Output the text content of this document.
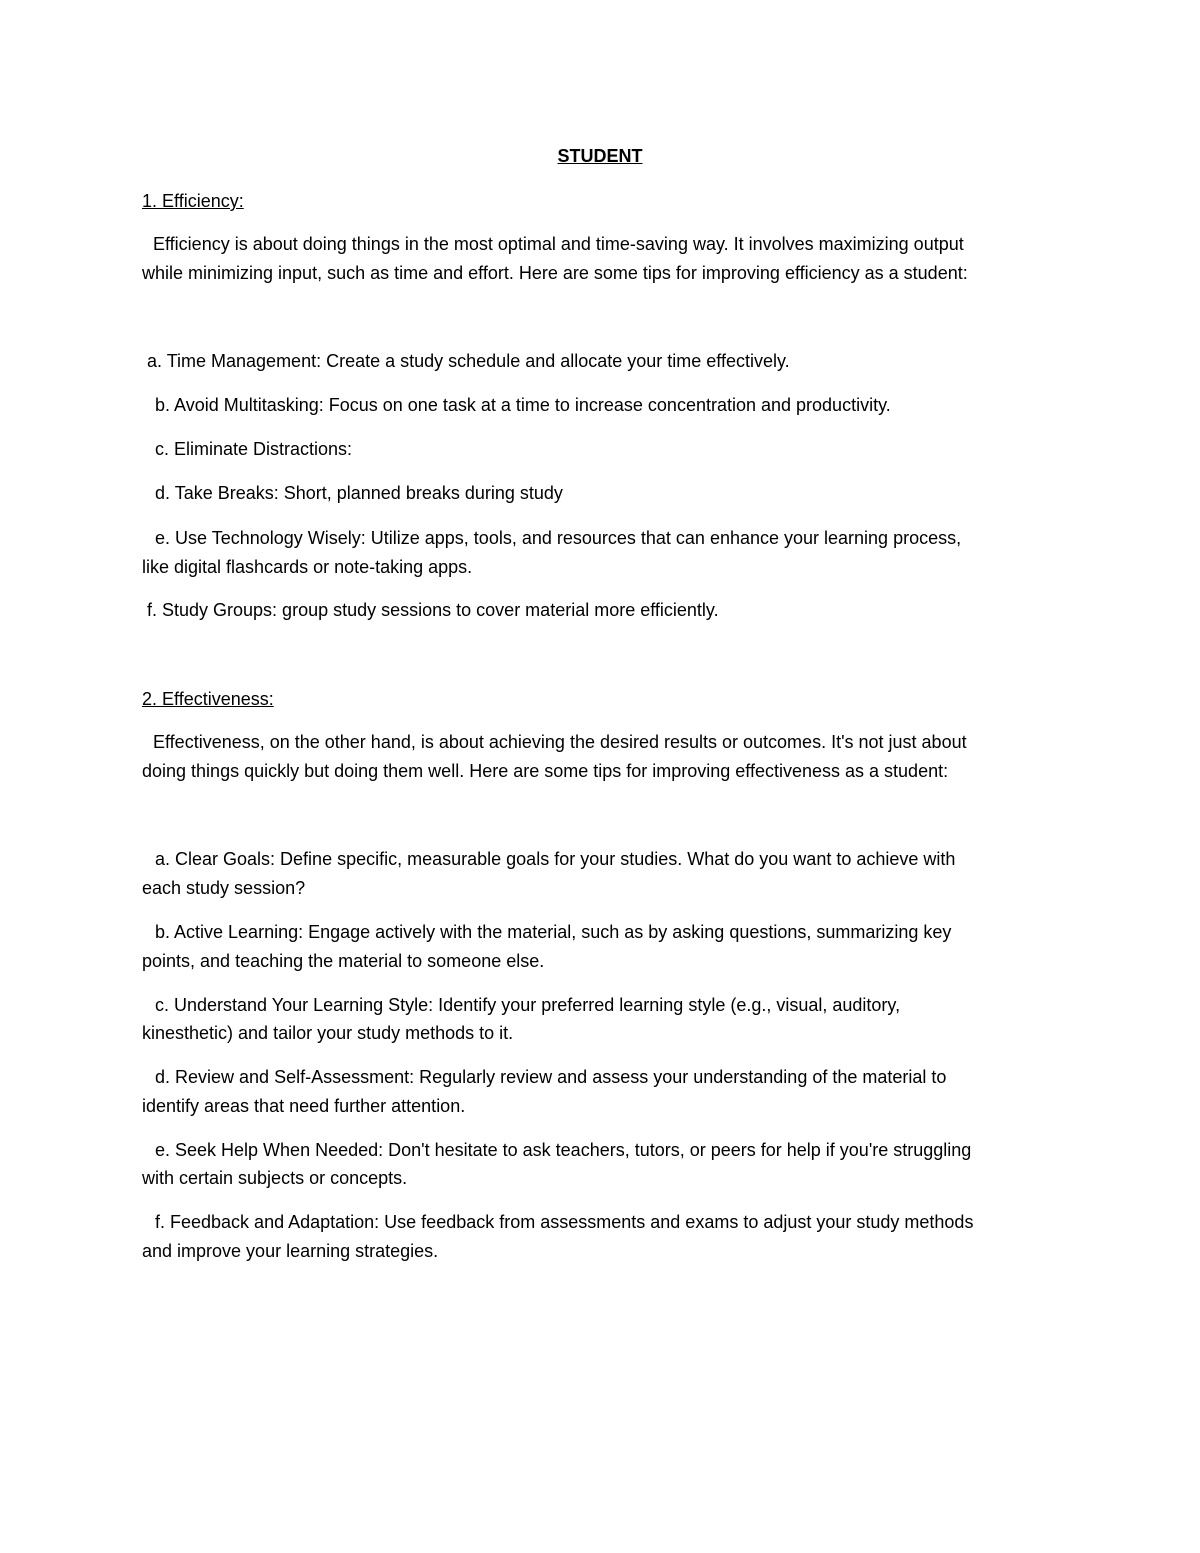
STUDENT
1. Efficiency:
Efficiency is about doing things in the most optimal and time-saving way. It involves maximizing output
while minimizing input, such as time and effort. Here are some tips for improving efficiency as a student:
a. Time Management: Create a study schedule and allocate your time effectively.
b. Avoid Multitasking: Focus on one task at a time to increase concentration and productivity.
c. Eliminate Distractions:
d. Take Breaks: Short, planned breaks during study
e. Use Technology Wisely: Utilize apps, tools, and resources that can enhance your learning process,
like digital flashcards or note-taking apps.
f. Study Groups: group study sessions to cover material more efficiently.
2. Effectiveness:
Effectiveness, on the other hand, is about achieving the desired results or outcomes. It's not just about
doing things quickly but doing them well. Here are some tips for improving effectiveness as a student:
a. Clear Goals: Define specific, measurable goals for your studies. What do you want to achieve with
each study session?
b. Active Learning: Engage actively with the material, such as by asking questions, summarizing key
points, and teaching the material to someone else.
c. Understand Your Learning Style: Identify your preferred learning style (e.g., visual, auditory,
kinesthetic) and tailor your study methods to it.
d. Review and Self-Assessment: Regularly review and assess your understanding of the material to
identify areas that need further attention.
e. Seek Help When Needed: Don't hesitate to ask teachers, tutors, or peers for help if you're struggling
with certain subjects or concepts.
f. Feedback and Adaptation: Use feedback from assessments and exams to adjust your study methods
and improve your learning strategies.
